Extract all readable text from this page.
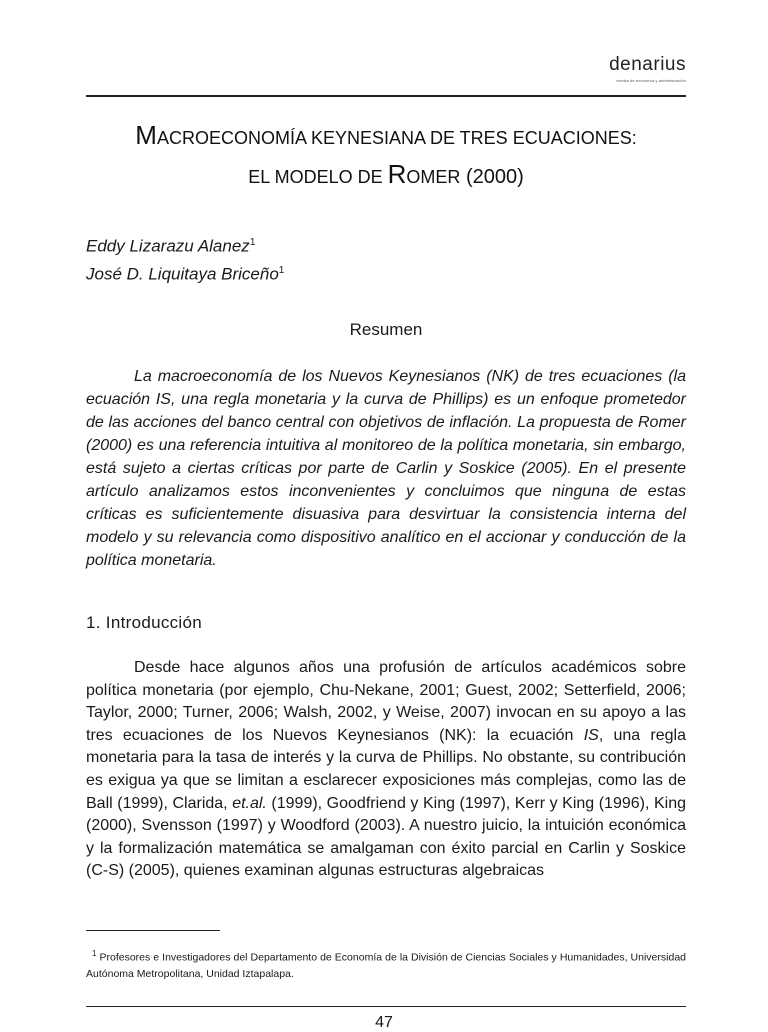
denarius
revista de economía y administración
MACROECONOMÍA KEYNESIANA DE TRES ECUACIONES:
EL MODELO DE ROMER (2000)
Eddy Lizarazu Alanez$^1$
José D. Liquitaya Briceño$^1$
Resumen
La macroeconomía de los Nuevos Keynesianos (NK) de tres ecuaciones (la ecuación IS, una regla monetaria y la curva de Phillips) es un enfoque prometedor de las acciones del banco central con objetivos de inflación. La propuesta de Romer (2000) es una referencia intuitiva al monitoreo de la política monetaria, sin embargo, está sujeto a ciertas críticas por parte de Carlin y Soskice (2005). En el presente artículo analizamos estos inconvenientes y concluimos que ninguna de estas críticas es suficientemente disuasiva para desvirtuar la consistencia interna del modelo y su relevancia como dispositivo analítico en el accionar y conducción de la política monetaria.
1. Introducción
Desde hace algunos años una profusión de artículos académicos sobre política monetaria (por ejemplo, Chu-Nekane, 2001; Guest, 2002; Setterfield, 2006; Taylor, 2000; Turner, 2006; Walsh, 2002, y Weise, 2007) invocan en su apoyo a las tres ecuaciones de los Nuevos Keynesianos (NK): la ecuación IS, una regla monetaria para la tasa de interés y la curva de Phillips. No obstante, su contribución es exigua ya que se limitan a esclarecer exposiciones más complejas, como las de Ball (1999), Clarida, et.al. (1999), Goodfriend y King (1997), Kerr y King (1996), King (2000), Svensson (1997) y Woodford (2003). A nuestro juicio, la intuición económica y la formalización matemática se amalgaman con éxito parcial en Carlin y Soskice (C-S) (2005), quienes examinan algunas estructuras algebraicas
$^1$ Profesores e Investigadores del Departamento de Economía de la División de Ciencias Sociales y Humanidades, Universidad Autónoma Metropolitana, Unidad Iztapalapa.
47
